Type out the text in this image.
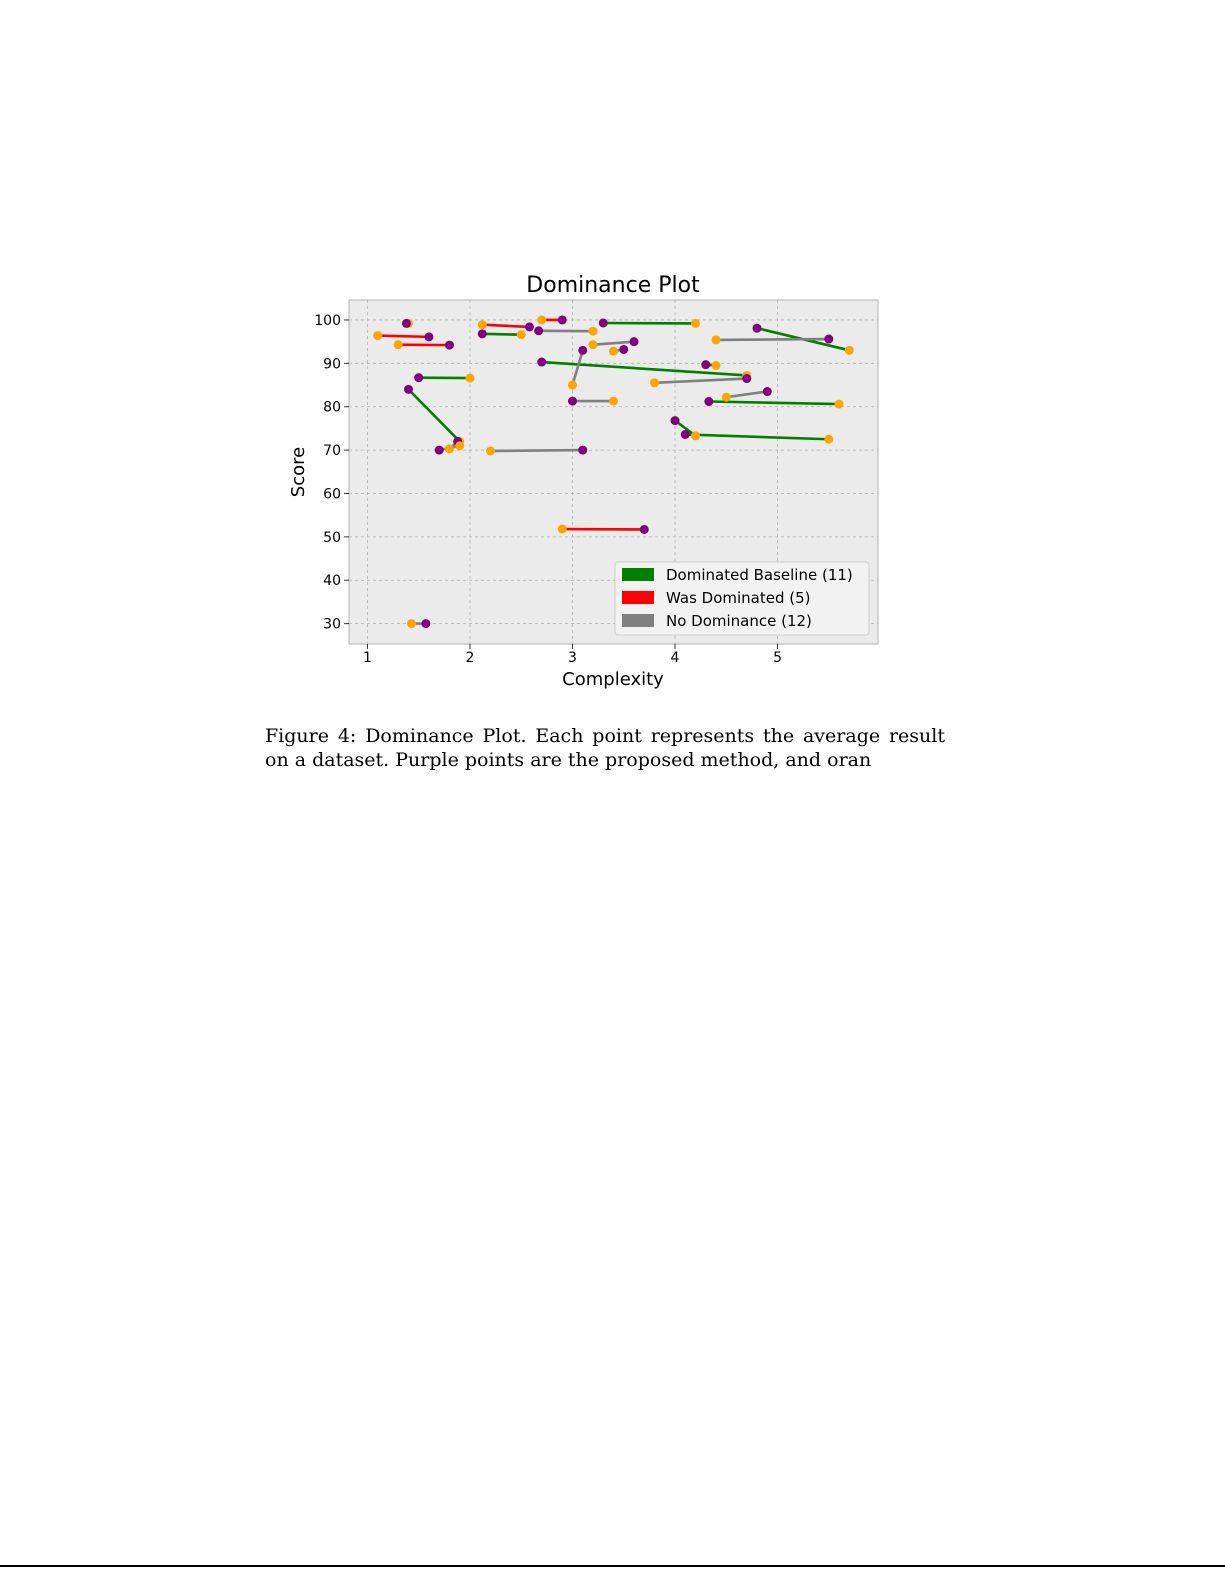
Dominance Plot
1	2	3	4	5
30
40
50
60
70
80
90
100
Complexity
Score
Dominated Baseline (11)
Was Dominated (5)
No Dominance (12)
Figure 4: Dominance Plot. Each point represents the average result on a dataset. Purple points are the proposed method, and oran
